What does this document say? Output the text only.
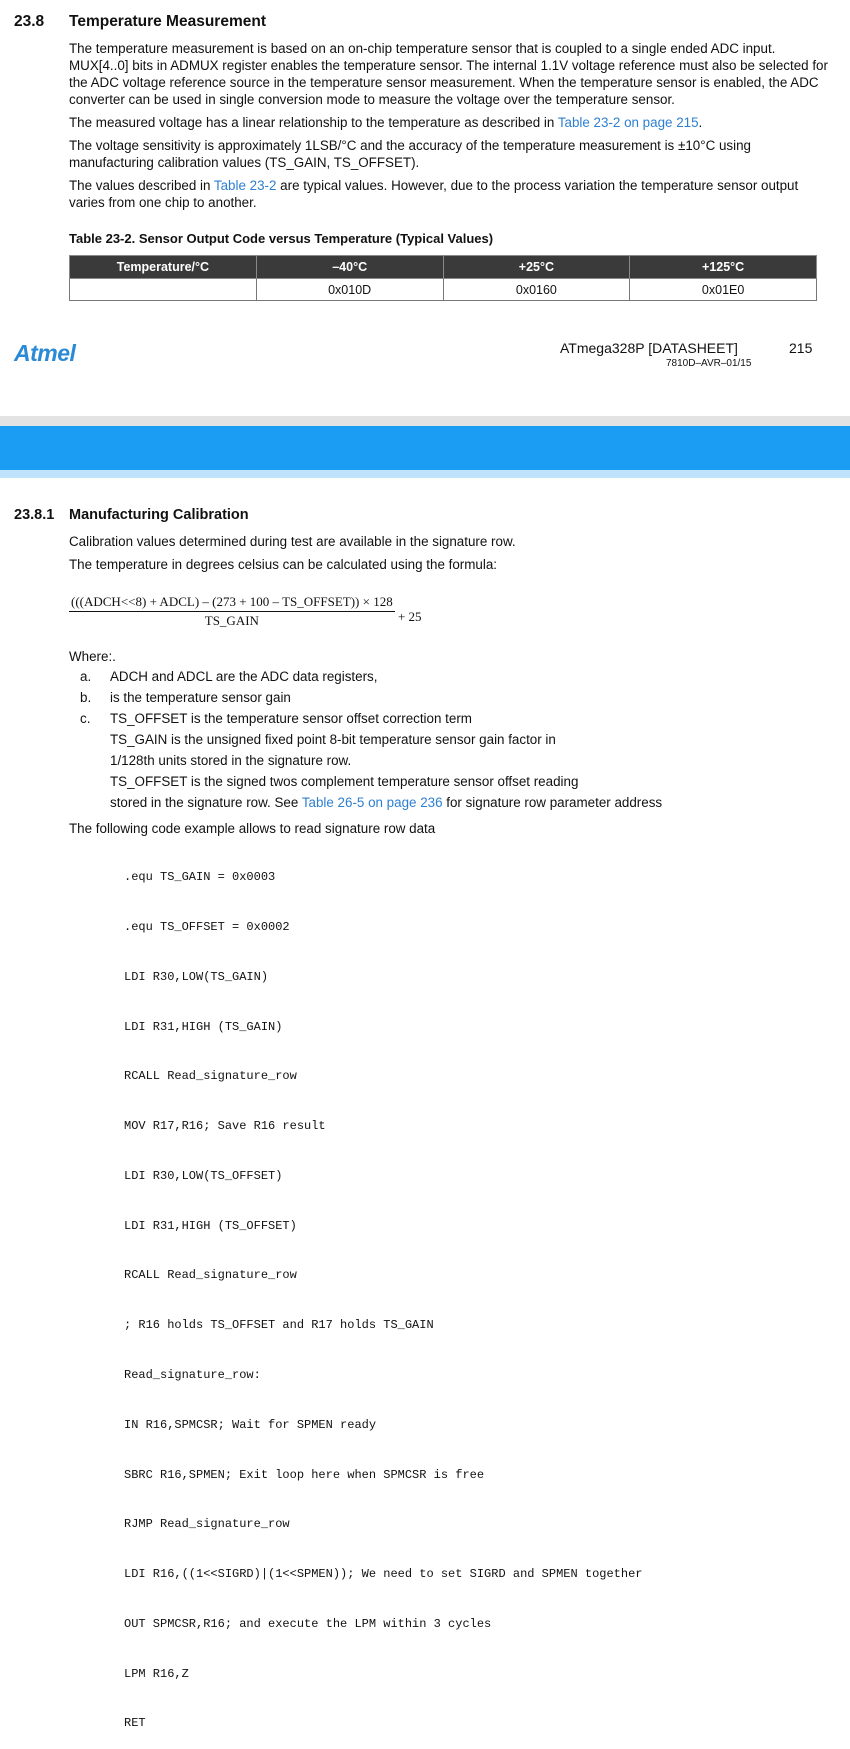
23.8 Temperature Measurement
The temperature measurement is based on an on-chip temperature sensor that is coupled to a single ended ADC input. MUX[4..0] bits in ADMUX register enables the temperature sensor. The internal 1.1V voltage reference must also be selected for the ADC voltage reference source in the temperature sensor measurement. When the temperature sensor is enabled, the ADC converter can be used in single conversion mode to measure the voltage over the temperature sensor.
The measured voltage has a linear relationship to the temperature as described in Table 23-2 on page 215.
The voltage sensitivity is approximately 1LSB/°C and the accuracy of the temperature measurement is ±10°C using manufacturing calibration values (TS_GAIN, TS_OFFSET).
The values described in Table 23-2 are typical values. However, due to the process variation the temperature sensor output varies from one chip to another.
Table 23-2. Sensor Output Code versus Temperature (Typical Values)
Temperature/°C	–40°C	+25°C	+125°C
	0x010D	0x0160	0x01E0
Atmel	ATmega328P [DATASHEET]	215
7810D–AVR–01/15
23.8.1 Manufacturing Calibration
Calibration values determined during test are available in the signature row.
The temperature in degrees celsius can be calculated using the formula:
$\frac{\text{(((ADCH<<8) + ADCL) – (273 + 100 – TS\_OFFSET)) × 128}}{\text{TS\_GAIN}} + 25$
Where:.
a. ADCH and ADCL are the ADC data registers,
b. is the temperature sensor gain
c. TS_OFFSET is the temperature sensor offset correction term
TS_GAIN is the unsigned fixed point 8-bit temperature sensor gain factor in
1/128th units stored in the signature row.
TS_OFFSET is the signed twos complement temperature sensor offset reading
stored in the signature row. See Table 26-5 on page 236 for signature row parameter address
The following code example allows to read signature row data

.equ TS_GAIN = 0x0003

.equ TS_OFFSET = 0x0002

LDI R30,LOW(TS_GAIN)

LDI R31,HIGH (TS_GAIN)

RCALL Read_signature_row

MOV R17,R16; Save R16 result

LDI R30,LOW(TS_OFFSET)

LDI R31,HIGH (TS_OFFSET)

RCALL Read_signature_row

; R16 holds TS_OFFSET and R17 holds TS_GAIN

Read_signature_row:

IN R16,SPMCSR; Wait for SPMEN ready

SBRC R16,SPMEN; Exit loop here when SPMCSR is free

RJMP Read_signature_row

LDI R16,((1<<SIGRD)|(1<<SPMEN)); We need to set SIGRD and SPMEN together

OUT SPMCSR,R16; and execute the LPM within 3 cycles

LPM R16,Z

RET
